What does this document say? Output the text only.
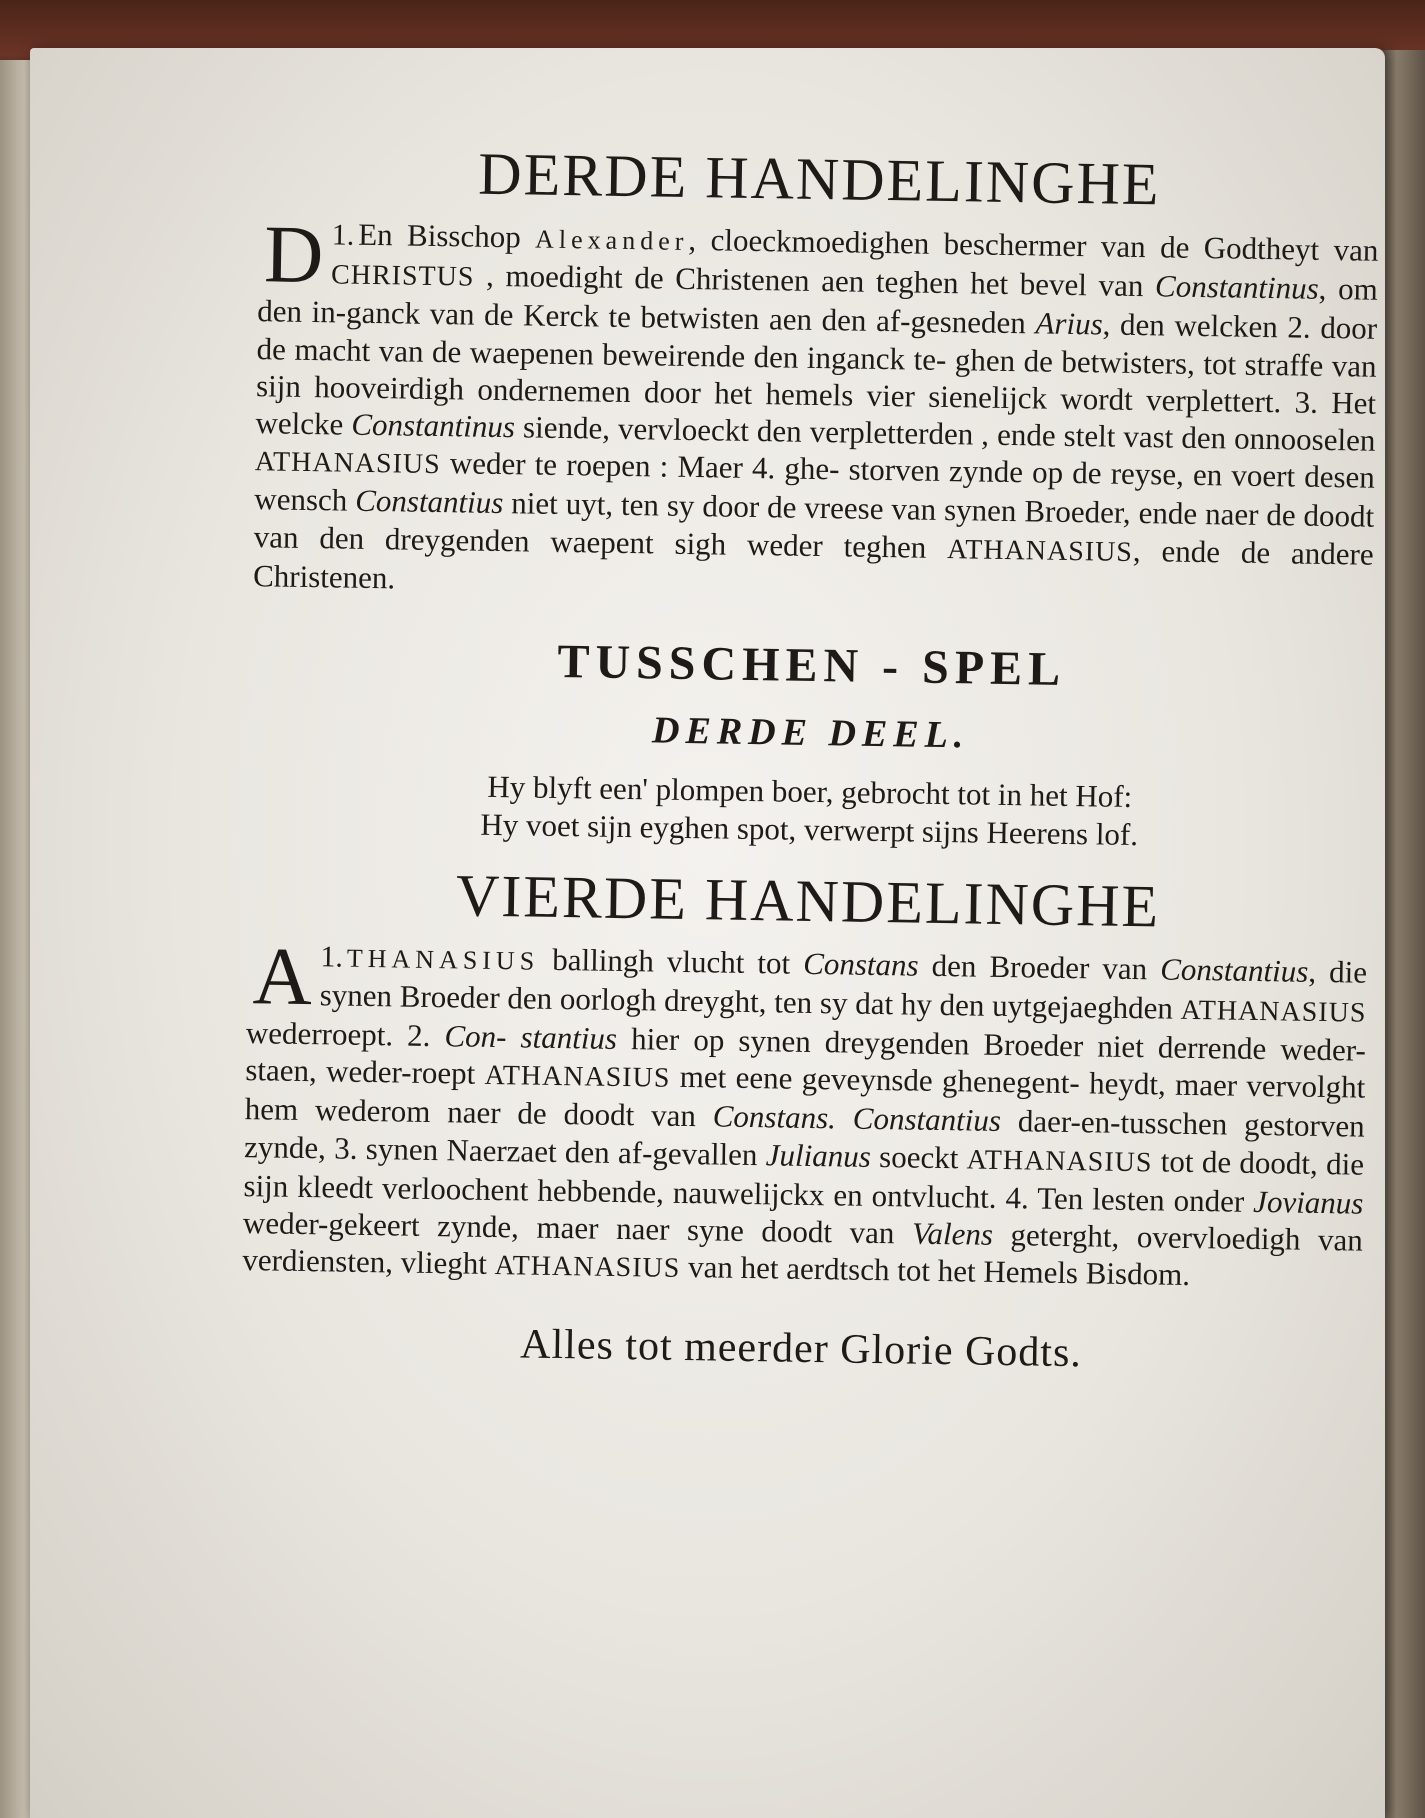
DERDE HANDELINGHE
1.
D En Bisschop Alexander, cloeckmoedighen beschermer van de Godtheyt van CHRISTUS , moedight de Christenen aen teghen het bevel van Constantinus, om den in-ganck van de Kerck te betwisten aen den af-gesneden Arius, den welcken 2. door de macht van de waepenen beweirende den inganck te- ghen de betwisters, tot straffe van sijn hooveirdigh ondernemen door het hemels vier sienelijck wordt verplettert. 3. Het welcke Constantinus siende, vervloeckt den verpletterden , ende stelt vast den onnooselen ATHANASIUS weder te roepen : Maer 4. ghe- storven zynde op de reyse, en voert desen wensch Constantius niet uyt, ten sy door de vreese van synen Broeder, ende naer de doodt van den dreygenden waepent sigh weder teghen ATHANASIUS, ende de andere Christenen.
TUSSCHEN - SPEL
DERDE DEEL.
Hy blyft een' plompen boer, gebrocht tot in het Hof:
Hy voet sijn eyghen spot, verwerpt sijns Heerens lof.
VIERDE HANDELINGHE
1.
A THANASIUS ballingh vlucht tot Constans den Broeder van Constantius, die synen Broeder den oorlogh dreyght, ten sy dat hy den uytgejaeghden ATHANASIUS wederroept. 2. Con- stantius hier op synen dreygenden Broeder niet derrende weder- staen, weder-roept ATHANASIUS met eene geveynsde ghenegent- heydt, maer vervolght hem wederom naer de doodt van Constans. Constantius daer-en-tusschen gestorven zynde, 3. synen Naerzaet den af-gevallen Julianus soeckt ATHANASIUS tot de doodt, die sijn kleedt verloochent hebbende, nauwelijckx en ontvlucht. 4. Ten lesten onder Jovianus weder-gekeert zynde, maer naer syne doodt van Valens geterght, overvloedigh van verdiensten, vlieght ATHANASIUS van het aerdtsch tot het Hemels Bisdom.
Alles tot meerder Glorie Godts.
